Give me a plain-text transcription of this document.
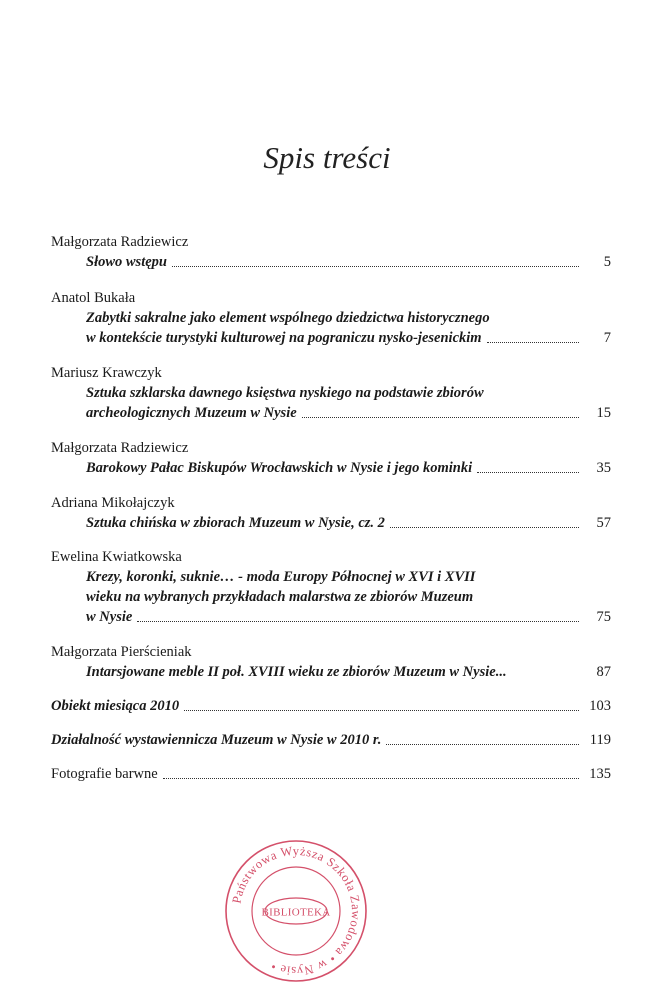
Spis treści
Małgorzata Radziewicz
Słowo wstępu	5
Anatol Bukała
Zabytki sakralne jako element wspólnego dziedzictwa historycznego
w kontekście turystyki kulturowej na pograniczu nysko-jesenickim	7
Mariusz Krawczyk
Sztuka szklarska dawnego księstwa nyskiego na podstawie zbiorów
archeologicznych Muzeum w Nysie	15
Małgorzata Radziewicz
Barokowy Pałac Biskupów Wrocławskich w Nysie i jego kominki	35
Adriana Mikołajczyk
Sztuka chińska w zbiorach Muzeum w Nysie, cz. 2	57
Ewelina Kwiatkowska
Krezy, koronki, suknie… - moda Europy Północnej w XVI i XVII
wieku na wybranych przykładach malarstwa ze zbiorów Muzeum
w Nysie	75
Małgorzata Pierścieniak
Intarsjowane meble II poł. XVIII wieku ze zbiorów Muzeum w Nysie...	87
Obiekt miesiąca 2010	103
Działalność wystawiennicza Muzeum w Nysie w 2010 r.	119
Fotografie barwne	135
Państwowa Wyższa Szkoła Zawodowa • w Nysie •
BIBLIOTEKA
